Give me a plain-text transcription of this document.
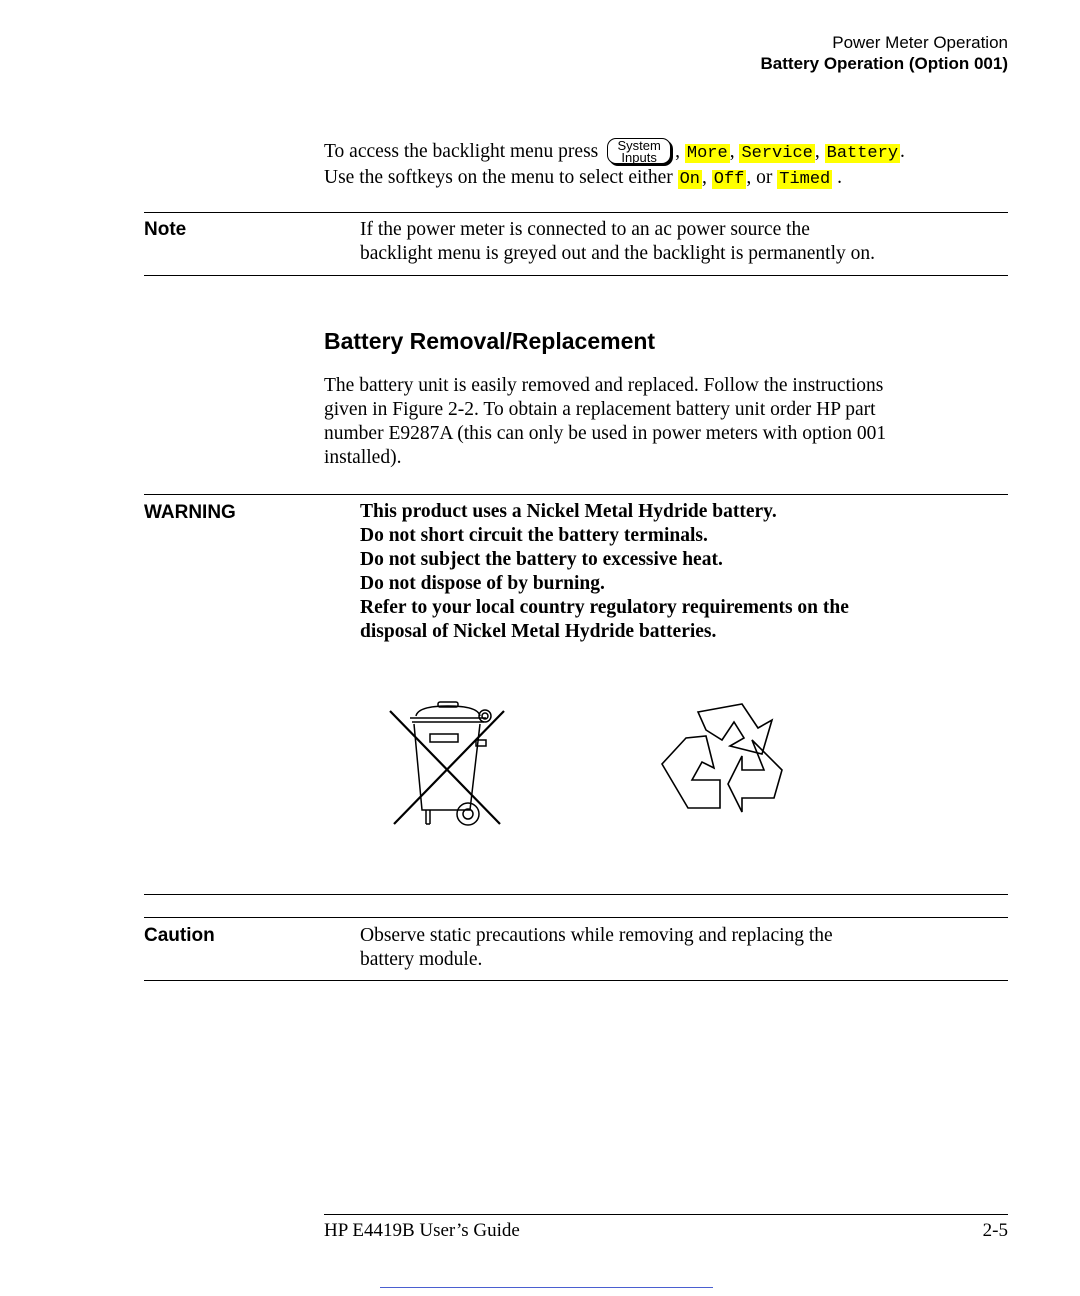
Power Meter Operation
Battery Operation (Option 001)
To access the backlight menu press	System
Inputs , More , Service , Battery .
Use the softkeys on the menu to select either On , Off , or Timed .
Note	If the power meter is connected to an ac power source the
backlight menu is greyed out and the backlight is permanently on.
Battery Removal/Replacement
The battery unit is easily removed and replaced. Follow the instructions
given in Figure 2-2. To obtain a replacement battery unit order HP part
number E9287A (this can only be used in power meters with option 001
installed).
WARNING	This product uses a Nickel Metal Hydride battery.
Do not short circuit the battery terminals.
Do not subject the battery to excessive heat.
Do not dispose of by burning.
Refer to your local country regulatory requirements on the
disposal of Nickel Metal Hydride batteries.
Caution	Observe static precautions while removing and replacing the
battery module.
HP E4419B User’s Guide	2-5
